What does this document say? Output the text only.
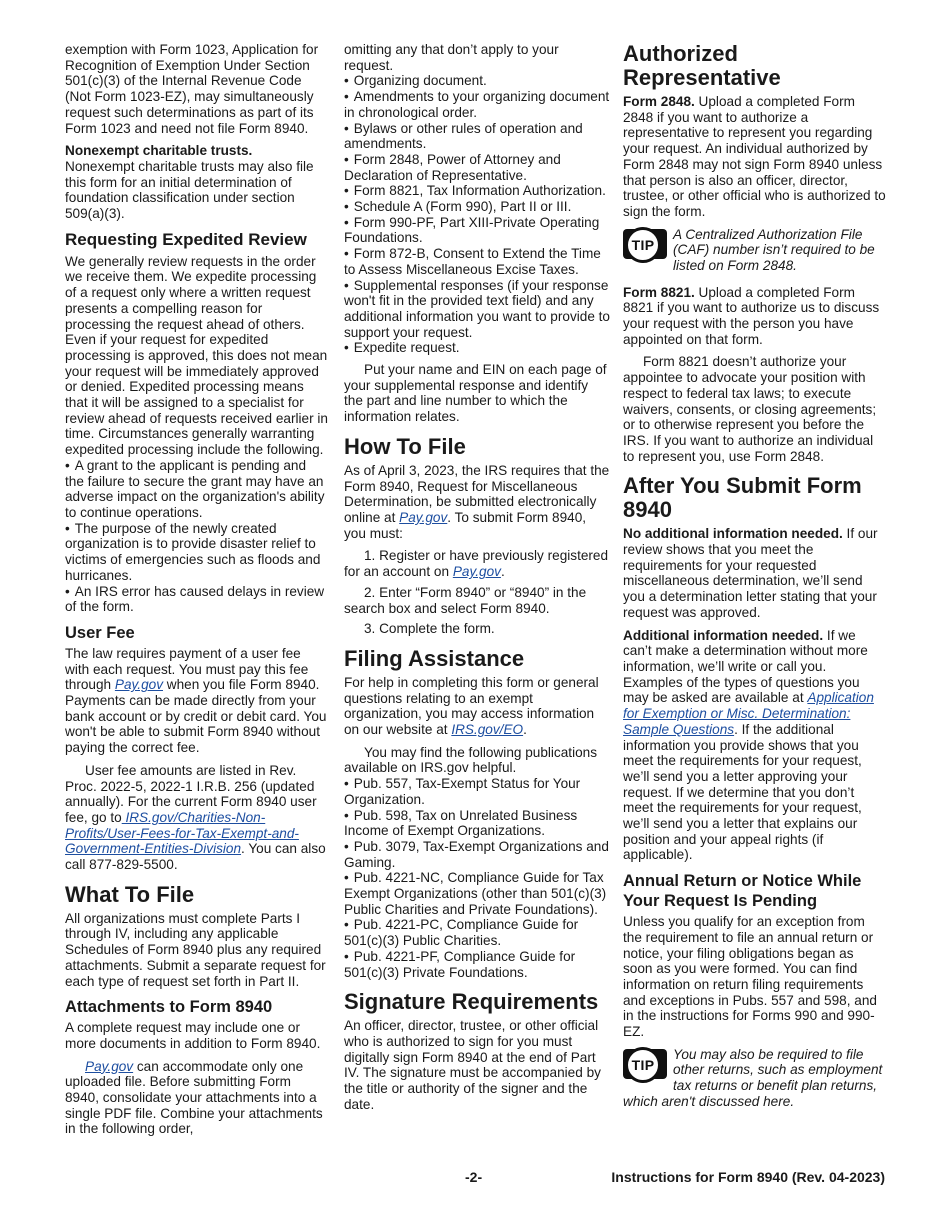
exemption with Form 1023, Application for Recognition of Exemption Under Section 501(c)(3) of the Internal Revenue Code (Not Form 1023-EZ), may simultaneously request such determinations as part of its Form 1023 and need not file Form 8940.

Nonexempt charitable trusts.
Nonexempt charitable trusts may also file this form for an initial determination of foundation classification under section 509(a)(3).

Requesting Expedited Review

We generally review requests in the order we receive them. We expedite processing of a request only where a written request presents a compelling reason for processing the request ahead of others. Even if your request for expedited processing is approved, this does not mean your request will be immediately approved or denied. Expedited processing means that it will be assigned to a specialist for review ahead of requests received earlier in time. Circumstances generally warranting expedited processing include the following.

• A grant to the applicant is pending and the failure to secure the grant may have an adverse impact on the organization's ability to continue operations.
• The purpose of the newly created organization is to provide disaster relief to victims of emergencies such as floods and hurricanes.
• An IRS error has caused delays in review of the form.
User Fee

The law requires payment of a user fee with each request. You must pay this fee through Pay.gov when you file Form 8940. Payments can be made directly from your bank account or by credit or debit card. You won't be able to submit Form 8940 without paying the correct fee.

User fee amounts are listed in Rev. Proc. 2022-5, 2022-1 I.R.B. 256 (updated annually). For the current Form 8940 user fee, go to IRS.gov/Charities-Non-Profits/User-Fees-for-Tax-Exempt-and-Government-Entities-Division. You can also call 877-829-5500.

What To File

All organizations must complete Parts I through IV, including any applicable Schedules of Form 8940 plus any required attachments. Submit a separate request for each type of request set forth in Part II.

Attachments to Form 8940

A complete request may include one or more documents in addition to Form 8940.

Pay.gov can accommodate only one uploaded file. Before submitting Form 8940, consolidate your attachments into a single PDF file. Combine your attachments in the following order,

omitting any that don’t apply to your request.
• Organizing document.
• Amendments to your organizing document in chronological order.
• Bylaws or other rules of operation and amendments.
• Form 2848, Power of Attorney and Declaration of Representative.
• Form 8821, Tax Information Authorization.
• Schedule A (Form 990), Part II or III.
• Form 990-PF, Part XIII-Private Operating Foundations.
• Form 872-B, Consent to Extend the Time to Assess Miscellaneous Excise Taxes.
• Supplemental responses (if your response won't fit in the provided text field) and any additional information you want to provide to support your request.
• Expedite request.

Put your name and EIN on each page of your supplemental response and identify the part and line number to which the information relates.

How To File

As of April 3, 2023, the IRS requires that the Form 8940, Request for Miscellaneous Determination, be submitted electronically online at Pay.gov. To submit Form 8940, you must:

1. Register or have previously registered for an account on Pay.gov.
2. Enter “Form 8940” or “8940” in the search box and select Form 8940.
3. Complete the form.
Filing Assistance

For help in completing this form or general questions relating to an exempt organization, you may access information on our website at IRS.gov/EO.

You may find the following publications available on IRS.gov helpful.

• Pub. 557, Tax-Exempt Status for Your Organization.
• Pub. 598, Tax on Unrelated Business Income of Exempt Organizations.
• Pub. 3079, Tax-Exempt Organizations and Gaming.
• Pub. 4221-NC, Compliance Guide for Tax Exempt Organizations (other than 501(c)(3) Public Charities and Private Foundations).
• Pub. 4221-PC, Compliance Guide for 501(c)(3) Public Charities.
• Pub. 4221-PF, Compliance Guide for 501(c)(3) Private Foundations.
Signature Requirements

An officer, director, trustee, or other official who is authorized to sign for you must digitally sign Form 8940 at the end of Part IV. The signature must be accompanied by the title or authority of the signer and the date.

Authorized Representative

Form 2848. Upload a completed Form 2848 if you want to authorize a representative to represent you regarding your request. An individual authorized by Form 2848 may not sign Form 8940 unless that person is also an officer, director, trustee, or other official who is authorized to sign the form.

TIP
A Centralized Authorization File (CAF) number isn’t required to be listed on Form 2848.

Form 8821. Upload a completed Form 8821 if you want to authorize us to discuss your request with the person you have appointed on that form.

Form 8821 doesn’t authorize your appointee to advocate your position with respect to federal tax laws; to execute waivers, consents, or closing agreements; or to otherwise represent you before the IRS. If you want to authorize an individual to represent you, use Form 2848.

After You Submit Form 8940

No additional information needed. If our review shows that you meet the requirements for your requested miscellaneous determination, we’ll send you a determination letter stating that your request was approved.

Additional information needed. If we can’t make a determination without more information, we’ll write or call you. Examples of the types of questions you may be asked are available at Application for Exemption or Misc. Determination: Sample Questions. If the additional information you provide shows that you meet the requirements for your request, we’ll send you a letter approving your request. If we determine that you don’t meet the requirements for your request, we’ll send you a letter that explains our position and your appeal rights (if applicable).

Annual Return or Notice While Your Request Is Pending

Unless you qualify for an exception from the requirement to file an annual return or notice, your filing obligations began as soon as you were formed. You can find information on return filing requirements and exceptions in Pubs. 557 and 598, and in the instructions for Forms 990 and 990-EZ.

TIP
You may also be required to file other returns, such as employment tax returns or benefit plan returns, which aren't discussed here.
-2-	Instructions for Form 8940 (Rev. 04-2023)
